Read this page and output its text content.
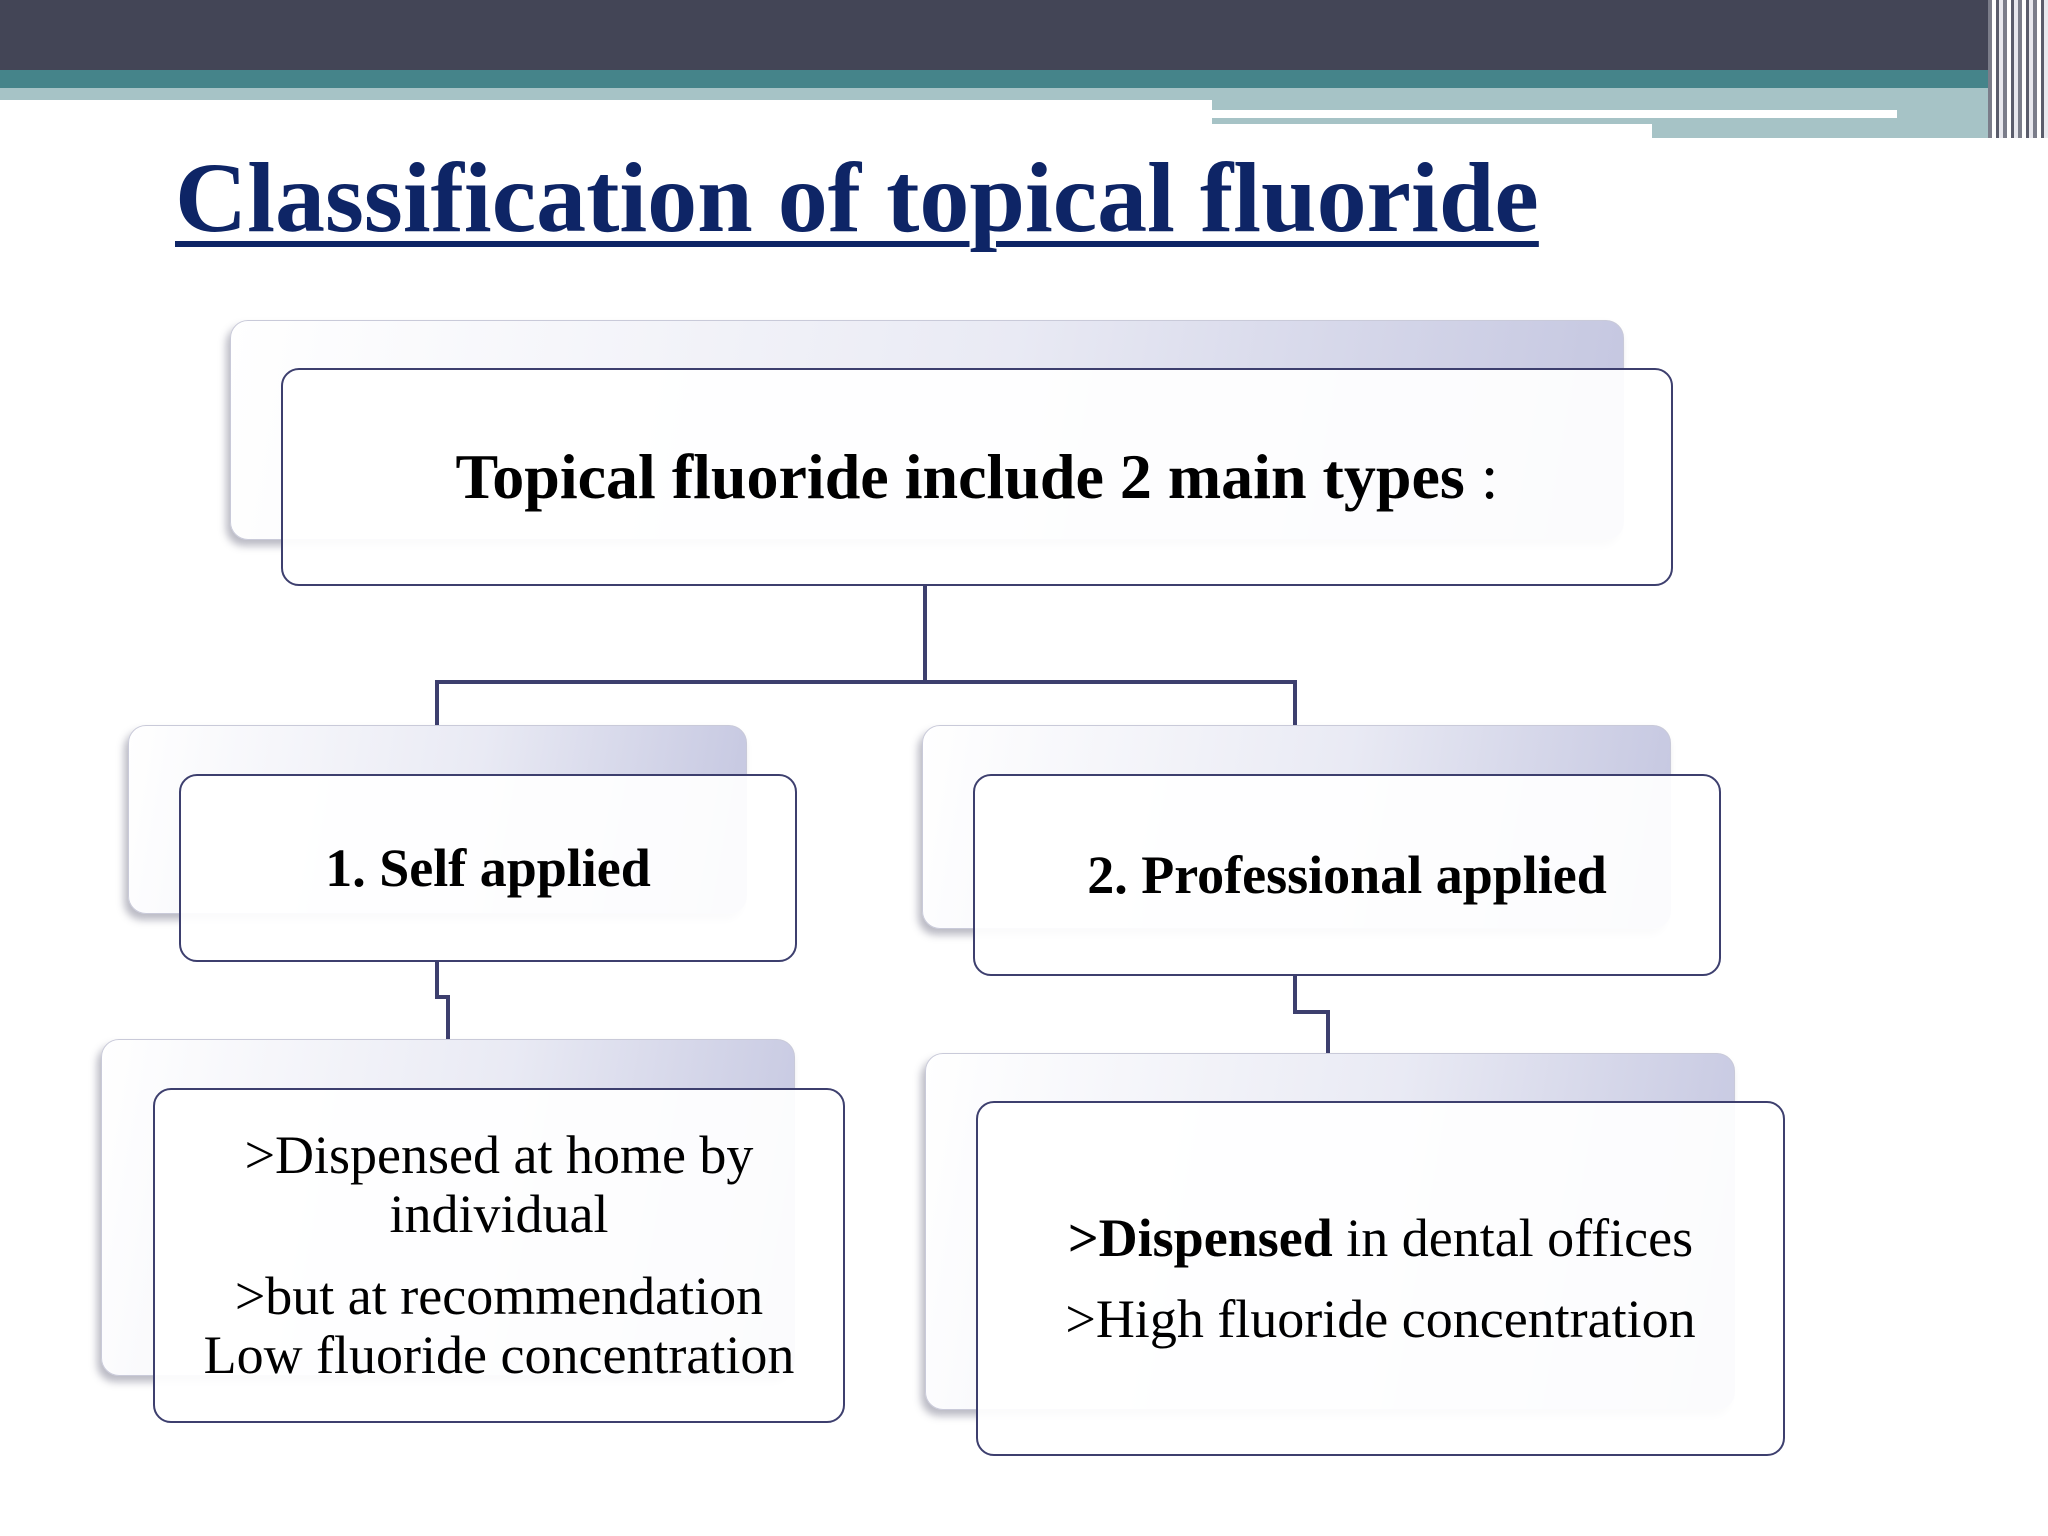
Classification of topical fluoride
Topical fluoride include 2 main types :
1. Self applied	2. Professional applied
>Dispensed at home by
individual
>but at recommendation
Low fluoride concentration
>Dispensed in dental offices
>High fluoride concentration
